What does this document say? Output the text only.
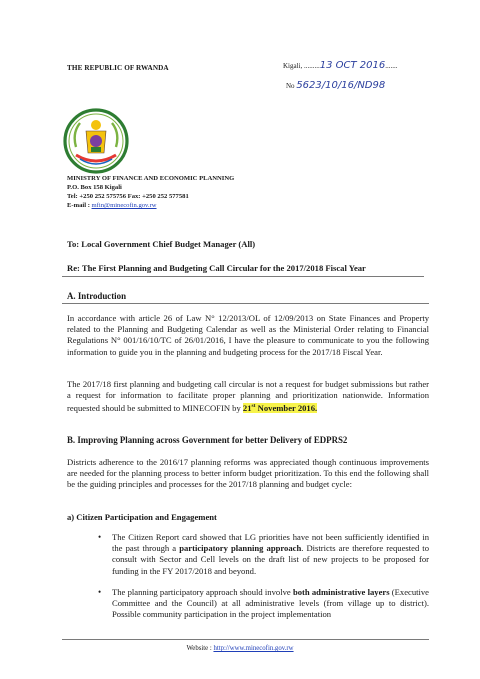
THE REPUBLIC OF RWANDA	Kigali, .........13 OCT 2016.......
No 5623/10/16/ND98
MINISTRY OF FINANCE AND ECONOMIC PLANNING
P.O. Box 158 Kigali
Tel: +250 252 575756 Fax: +250 252 577581
E-mail : mfin@minecofin.gov.rw
To: Local Government Chief Budget Manager (All)
Re: The First Planning and Budgeting Call Circular for the 2017/2018 Fiscal Year
A. Introduction
In accordance with article 26 of Law N° 12/2013/OL of 12/09/2013 on State Finances and Property related to the Planning and Budgeting Calendar as well as the Ministerial Order relating to Financial Regulations N° 001/16/10/TC of 26/01/2016, I have the pleasure to communicate to you the following information to guide you in the planning and budgeting process for the 2017/18 Fiscal Year.
The 2017/18 first planning and budgeting call circular is not a request for budget submissions but rather a request for information to facilitate proper planning and prioritization nationwide. Information requested should be submitted to MINECOFIN by 21st November 2016.
B. Improving Planning across Government for better Delivery of EDPRS2
Districts adherence to the 2016/17 planning reforms was appreciated though continuous improvements are needed for the planning process to better inform budget prioritization. To this end the following shall be the guiding principles and processes for the 2017/18 planning and budget cycle:
a) Citizen Participation and Engagement
• The Citizen Report card showed that LG priorities have not been sufficiently identified in the past through a participatory planning approach. Districts are therefore requested to consult with Sector and Cell levels on the draft list of new projects to be proposed for funding in the FY 2017/2018 and beyond.
• The planning participatory approach should involve both administrative layers (Executive Committee and the Council) at all administrative levels (from village up to district). Possible community participation in the project implementation
Website : http://www.minecofin.gov.rw
